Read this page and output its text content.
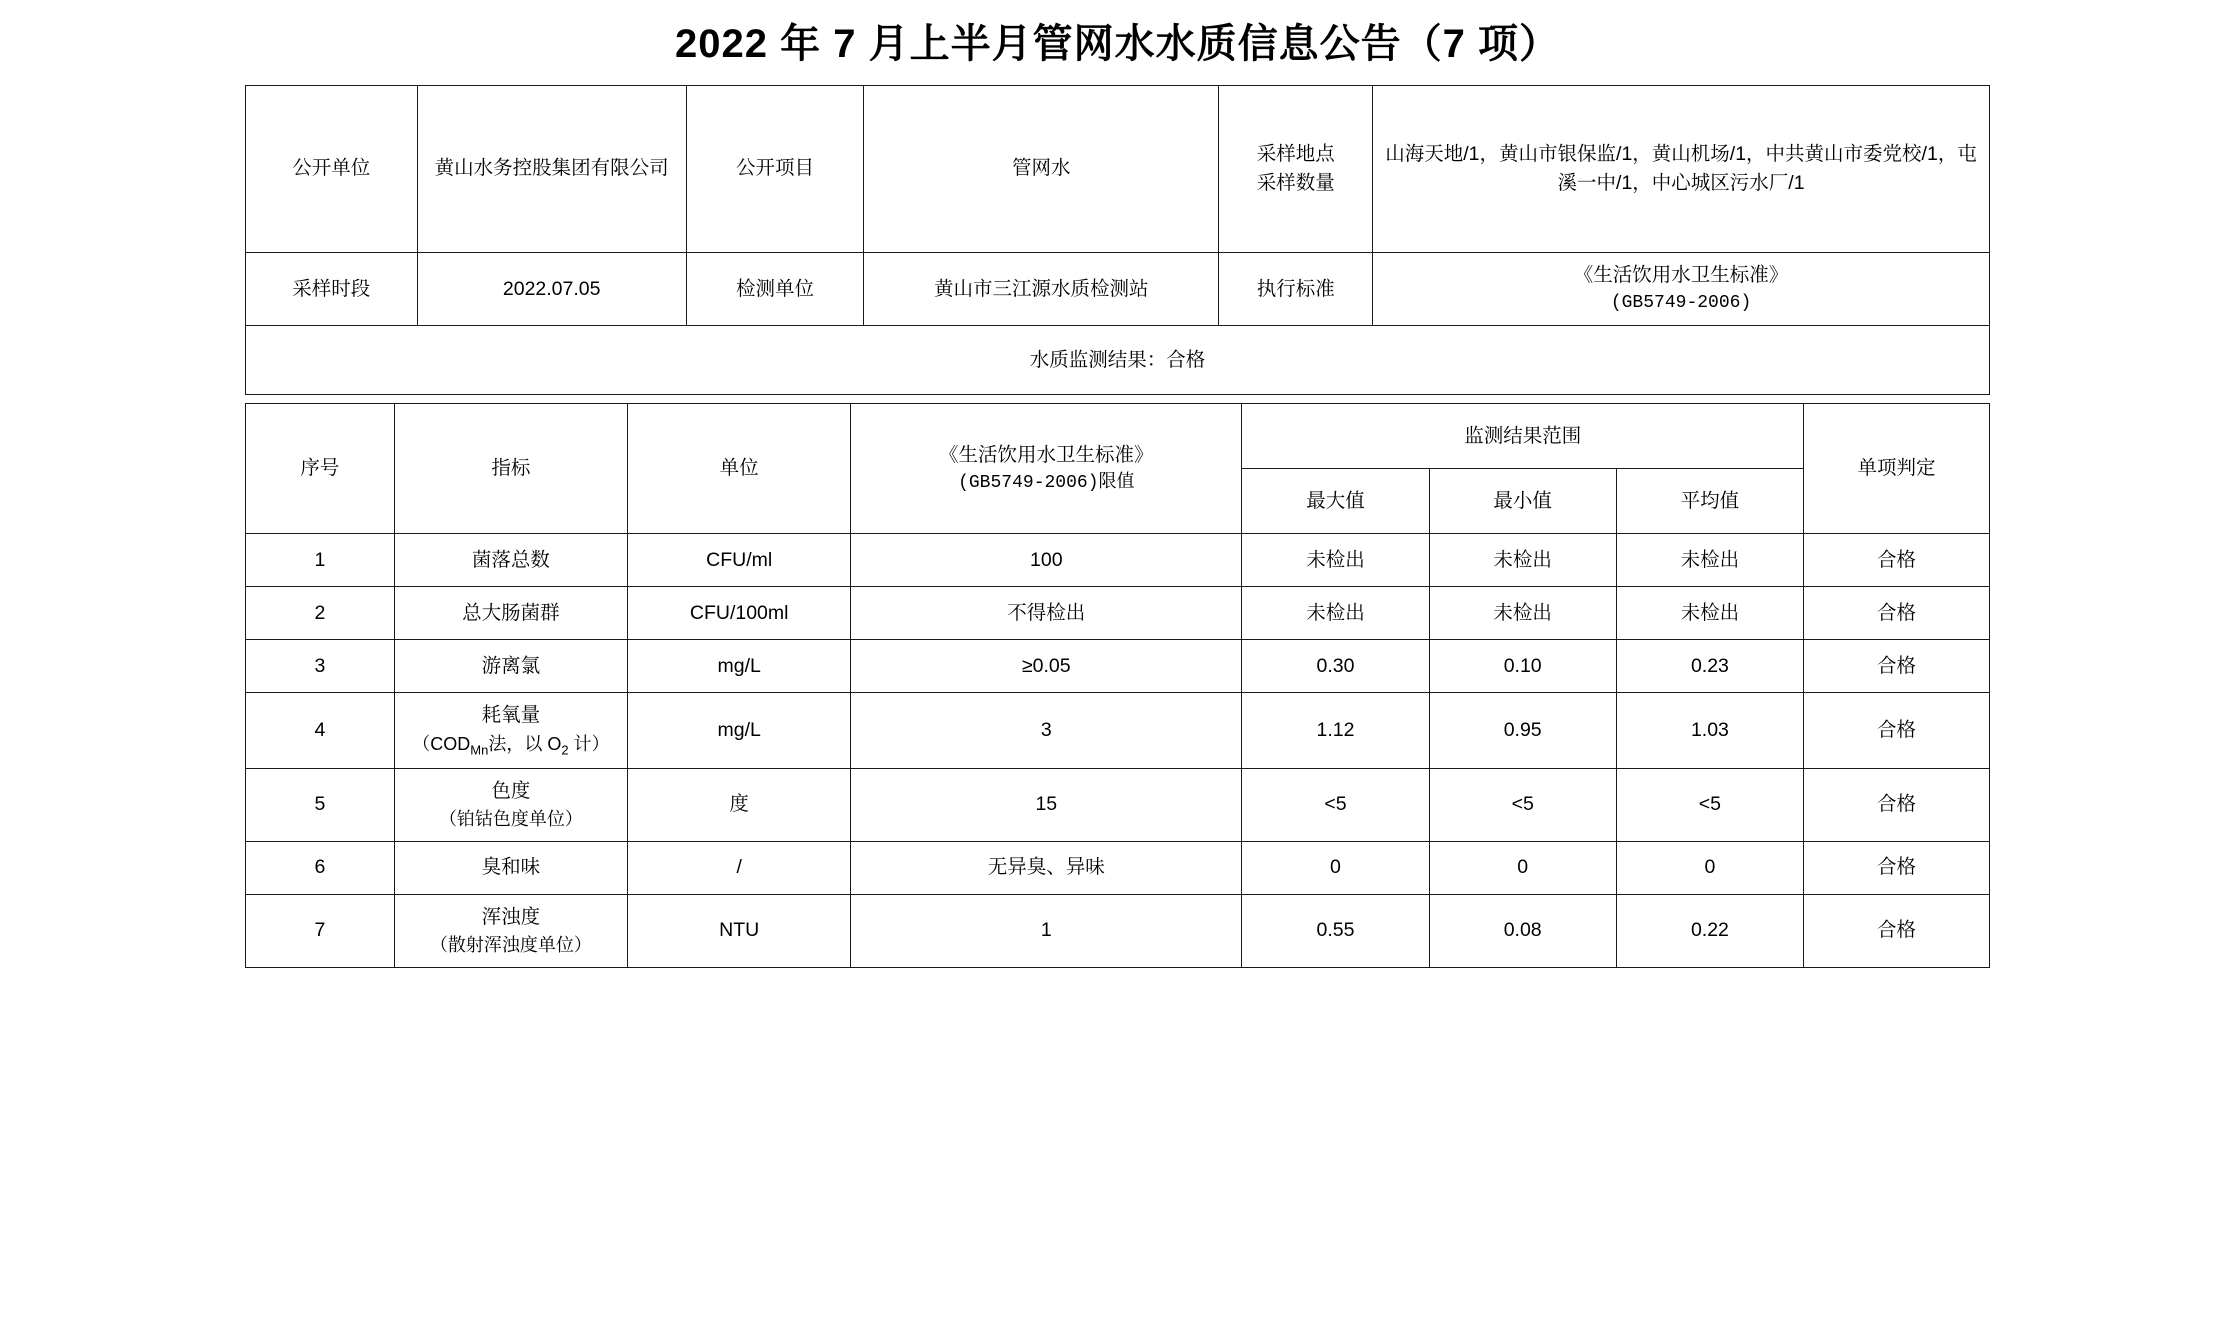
2022 年 7 月上半月管网水水质信息公告（7 项）
公开单位	黄山水务控股集团有限公司	公开项目	管网水	采样地点
采样数量	山海天地/1，黄山市银保监/1，黄山机场/1，中共黄山市委党校/1，屯溪一中/1，中心城区污水厂/1
采样时段	2022.07.05	检测单位	黄山市三江源水质检测站	执行标准	《生活饮用水卫生标准》
(GB5749-2006)

水质监测结果：合格					
序号	指标	单位	《生活饮用水卫生标准》
(GB5749-2006)限值	监测结果范围			单项判定
				最大值	最小值	平均值	
1	菌落总数	CFU/ml	100	未检出	未检出	未检出	合格
2	总大肠菌群	CFU/100ml	不得检出	未检出	未检出	未检出	合格
3	游离氯	mg/L	≥0.05	0.30	0.10	0.23	合格
4	耗氧量
（$COD_{Mn}$法，以 $O_2$ 计）	mg/L	3	1.12	0.95	1.03	合格
5	色度
（铂钴色度单位）	度	15	<5	<5	<5	合格
6	臭和味	/	无异臭、异味	0	0	0	合格
7	浑浊度
（散射浑浊度单位）	NTU	1	0.55	0.08	0.22	合格
